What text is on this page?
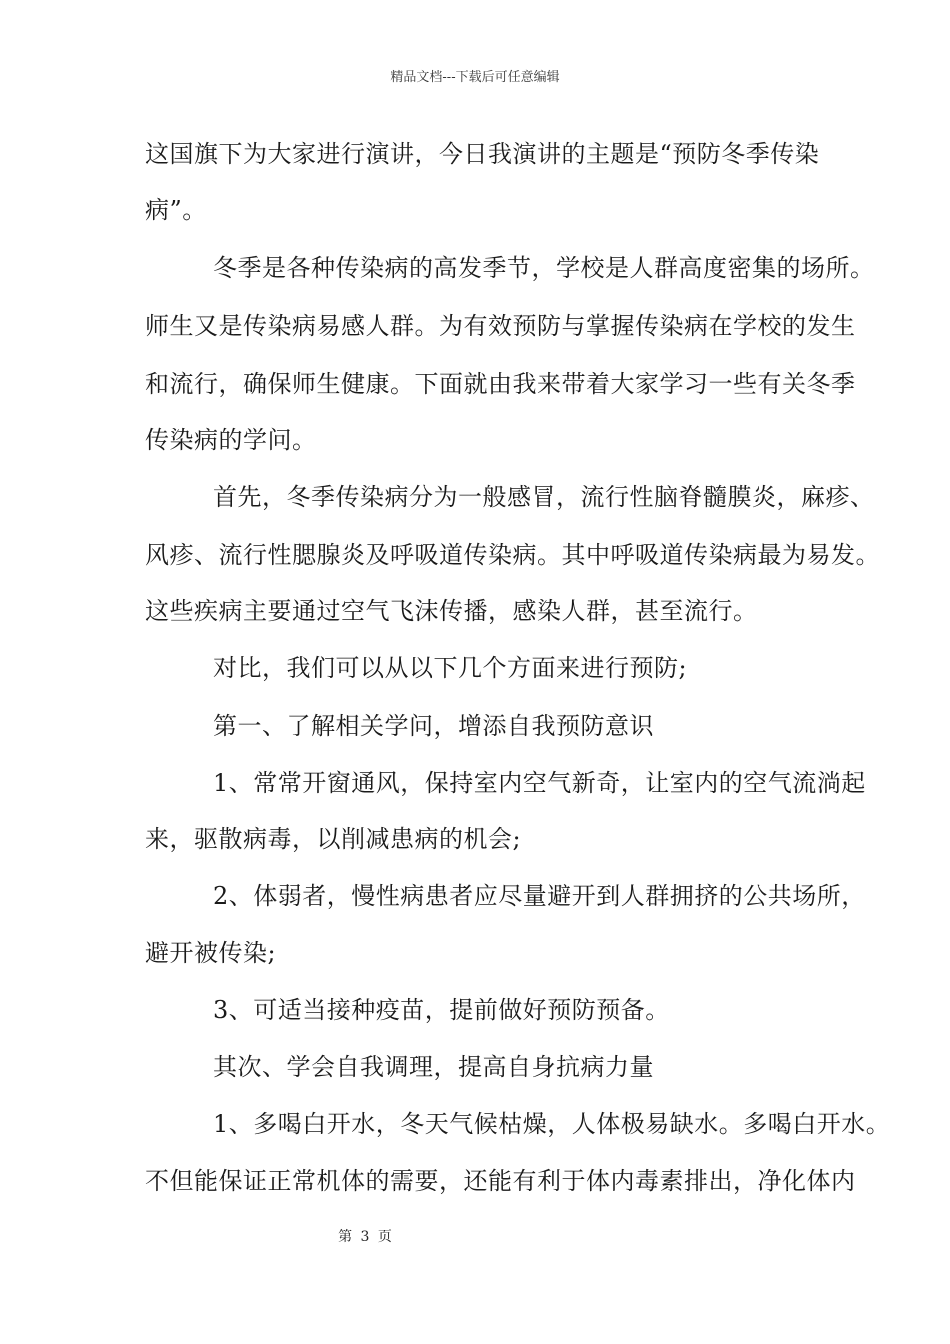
精品文档---下载后可任意编辑
这国旗下为大家进行演讲，今日我演讲的主题是“预防冬季传染
病”。
冬季是各种传染病的高发季节，学校是人群高度密集的场所。
师生又是传染病易感人群。为有效预防与掌握传染病在学校的发生
和流行，确保师生健康。下面就由我来带着大家学习一些有关冬季
传染病的学问。
首先，冬季传染病分为一般感冒，流行性脑脊髓膜炎，麻疹、
风疹、流行性腮腺炎及呼吸道传染病。其中呼吸道传染病最为易发。
这些疾病主要通过空气飞沫传播，感染人群，甚至流行。
对比，我们可以从以下几个方面来进行预防;
第一、了解相关学问，增添自我预防意识
1、常常开窗通风，保持室内空气新奇，让室内的空气流淌起
来，驱散病毒，以削减患病的机会;
2、体弱者，慢性病患者应尽量避开到人群拥挤的公共场所，
避开被传染;
3、可适当接种疫苗，提前做好预防预备。
其次、学会自我调理，提高自身抗病力量
1、多喝白开水，冬天气候枯燥，人体极易缺水。多喝白开水。
不但能保证正常机体的需要，还能有利于体内毒素排出，净化体内
第 3 页
